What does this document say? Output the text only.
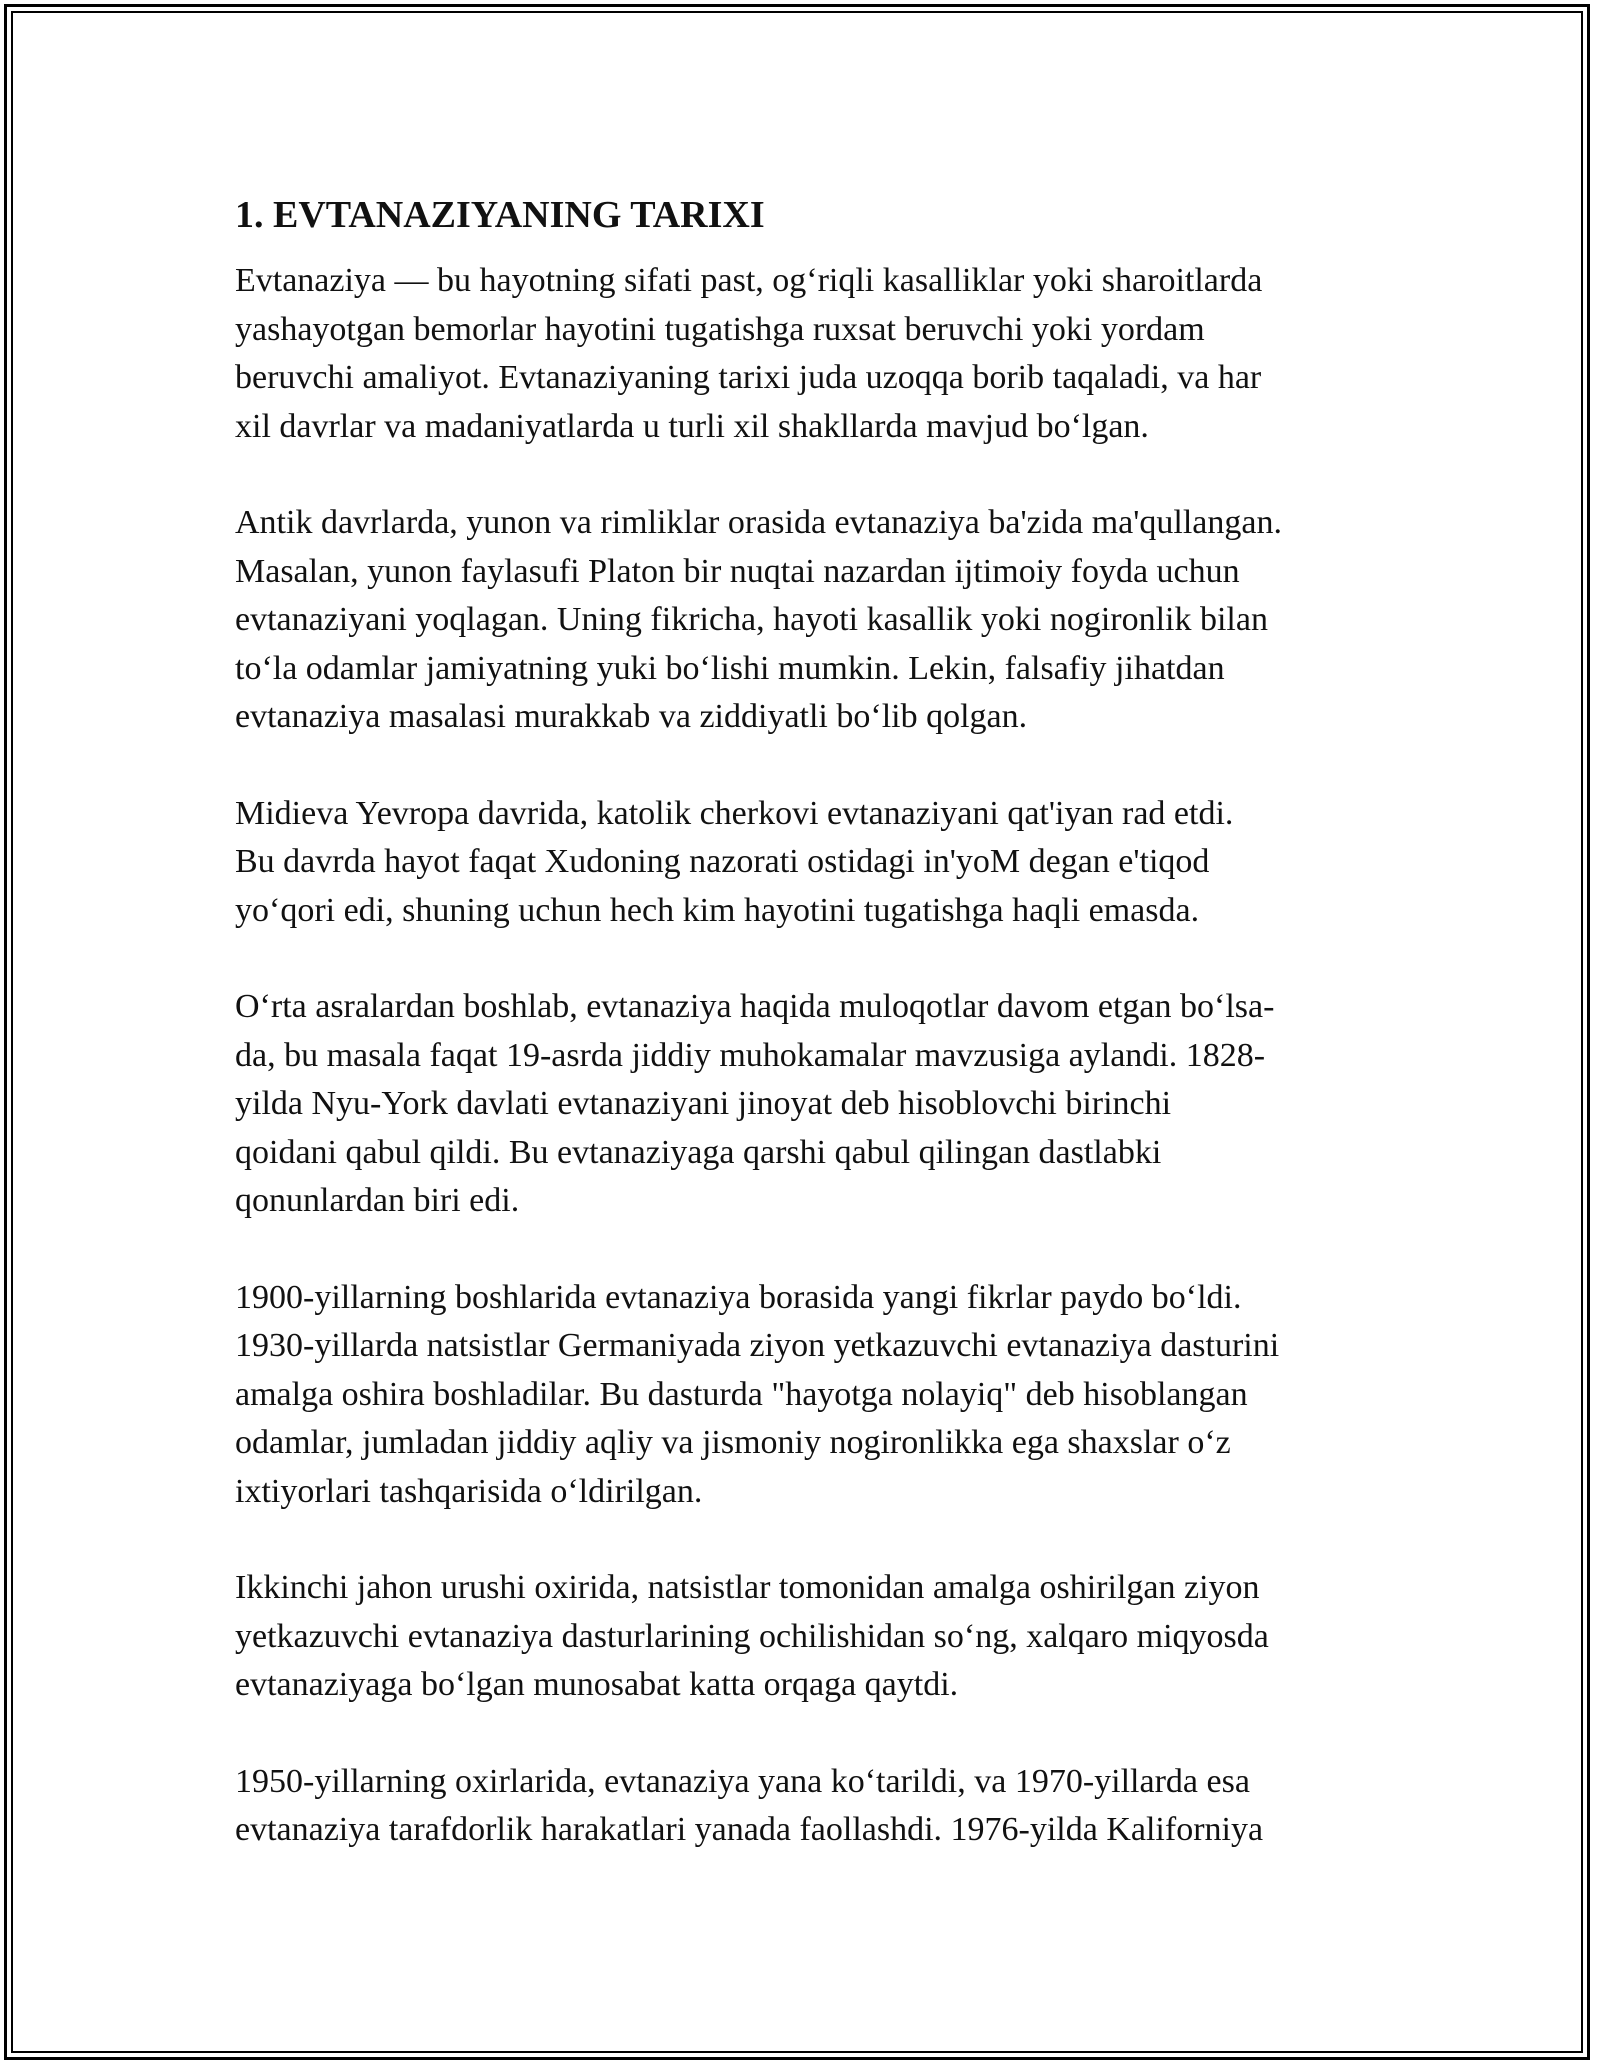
1. EVTANAZIYANING TARIXI

Evtanaziya — bu hayotning sifati past, og‘riqli kasalliklar yoki sharoitlarda
yashayotgan bemorlar hayotini tugatishga ruxsat beruvchi yoki yordam
beruvchi amaliyot. Evtanaziyaning tarixi juda uzoqqa borib taqaladi, va har
xil davrlar va madaniyatlarda u turli xil shakllarda mavjud bo‘lgan.

Antik davrlarda, yunon va rimliklar orasida evtanaziya ba'zida ma'qullangan.
Masalan, yunon faylasufi Platon bir nuqtai nazardan ijtimoiy foyda uchun
evtanaziyani yoqlagan. Uning fikricha, hayoti kasallik yoki nogironlik bilan
to‘la odamlar jamiyatning yuki bo‘lishi mumkin. Lekin, falsafiy jihatdan
evtanaziya masalasi murakkab va ziddiyatli bo‘lib qolgan.

Midieva Yevropa davrida, katolik cherkovi evtanaziyani qat'iyan rad etdi.
Bu davrda hayot faqat Xudoning nazorati ostidagi in'yoM degan e'tiqod
yo‘qori edi, shuning uchun hech kim hayotini tugatishga haqli emasda.

O‘rta asralardan boshlab, evtanaziya haqida muloqotlar davom etgan bo‘lsa-
da, bu masala faqat 19-asrda jiddiy muhokamalar mavzusiga aylandi. 1828-
yilda Nyu-York davlati evtanaziyani jinoyat deb hisoblovchi birinchi
qoidani qabul qildi. Bu evtanaziyaga qarshi qabul qilingan dastlabki
qonunlardan biri edi.

1900-yillarning boshlarida evtanaziya borasida yangi fikrlar paydo bo‘ldi.
1930-yillarda natsistlar Germaniyada ziyon yetkazuvchi evtanaziya dasturini
amalga oshira boshladilar. Bu dasturda "hayotga nolayiq" deb hisoblangan
odamlar, jumladan jiddiy aqliy va jismoniy nogironlikka ega shaxslar o‘z
ixtiyorlari tashqarisida o‘ldirilgan.

Ikkinchi jahon urushi oxirida, natsistlar tomonidan amalga oshirilgan ziyon
yetkazuvchi evtanaziya dasturlarining ochilishidan so‘ng, xalqaro miqyosda
evtanaziyaga bo‘lgan munosabat katta orqaga qaytdi.

1950-yillarning oxirlarida, evtanaziya yana ko‘tarildi, va 1970-yillarda esa
evtanaziya tarafdorlik harakatlari yanada faollashdi. 1976-yilda Kaliforniya
